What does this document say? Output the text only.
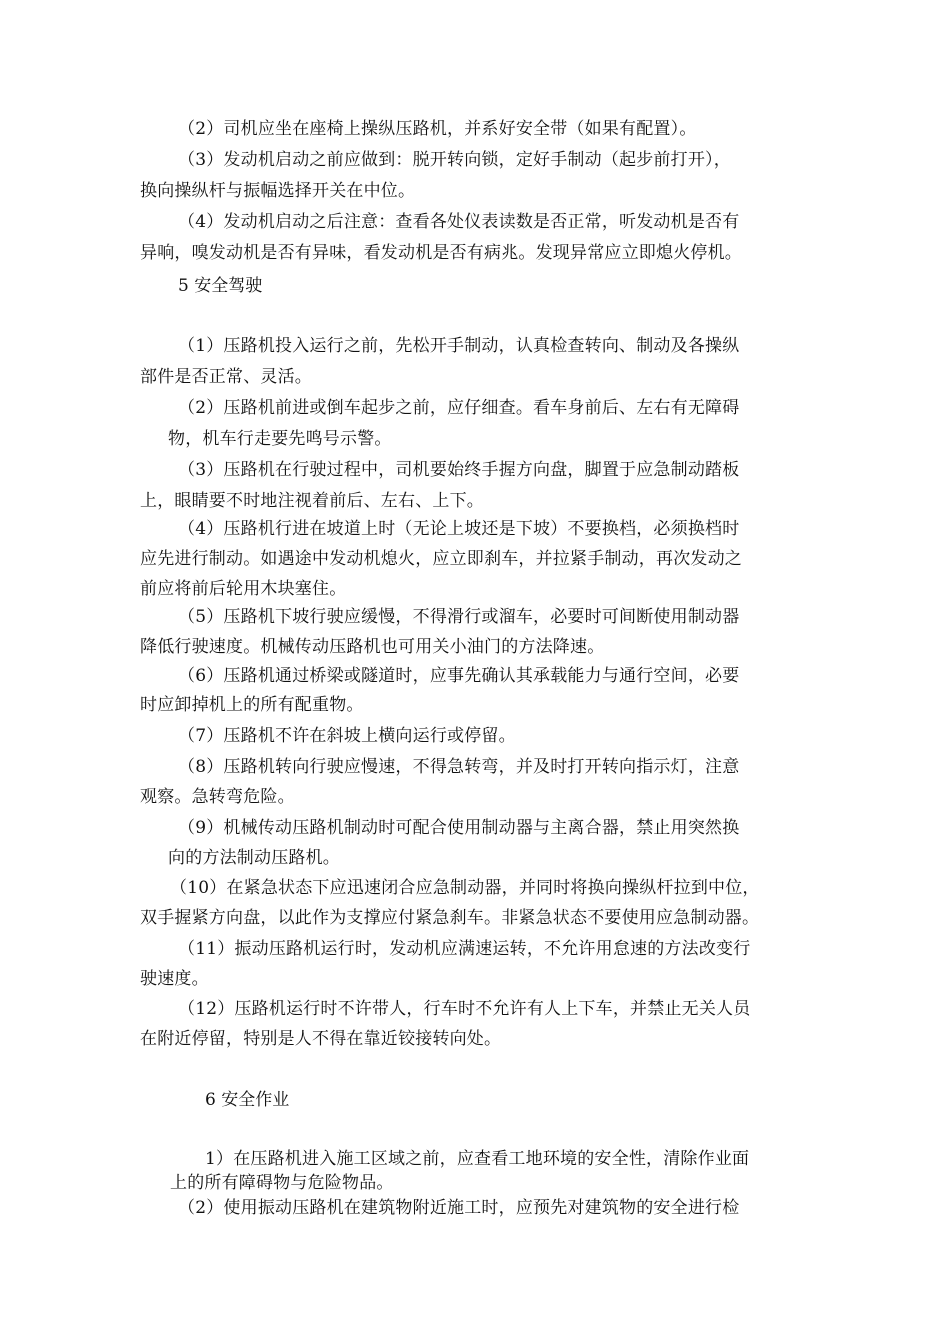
（2）司机应坐在座椅上操纵压路机，并系好安全带（如果有配置）。
（3）发动机启动之前应做到：脱开转向锁，定好手制动（起步前打开），
换向操纵杆与振幅选择开关在中位。
（4）发动机启动之后注意：查看各处仪表读数是否正常，听发动机是否有
异响，嗅发动机是否有异味，看发动机是否有病兆。发现异常应立即熄火停机。
5 安全驾驶
（1）压路机投入运行之前，先松开手制动，认真检查转向、制动及各操纵
部件是否正常、灵活。
（2）压路机前进或倒车起步之前，应仔细查。看车身前后、左右有无障碍
物，机车行走要先鸣号示警。
（3）压路机在行驶过程中，司机要始终手握方向盘，脚置于应急制动踏板
上，眼睛要不时地注视着前后、左右、上下。
（4）压路机行进在坡道上时（无论上坡还是下坡）不要换档，必须换档时
应先进行制动。如遇途中发动机熄火，应立即刹车，并拉紧手制动，再次发动之
前应将前后轮用木块塞住。
（5）压路机下坡行驶应缓慢，不得滑行或溜车，必要时可间断使用制动器
降低行驶速度。机械传动压路机也可用关小油门的方法降速。
（6）压路机通过桥梁或隧道时，应事先确认其承载能力与通行空间，必要
时应卸掉机上的所有配重物。
（7）压路机不许在斜坡上横向运行或停留。
（8）压路机转向行驶应慢速，不得急转弯，并及时打开转向指示灯，注意
观察。急转弯危险。
（9）机械传动压路机制动时可配合使用制动器与主离合器，禁止用突然换
向的方法制动压路机。
（10）在紧急状态下应迅速闭合应急制动器，并同时将换向操纵杆拉到中位，
双手握紧方向盘，以此作为支撑应付紧急刹车。非紧急状态不要使用应急制动器。
（11）振动压路机运行时，发动机应满速运转，不允许用怠速的方法改变行
驶速度。
（12）压路机运行时不许带人，行车时不允许有人上下车，并禁止无关人员
在附近停留，特别是人不得在靠近铰接转向处。
6 安全作业
1）在压路机进入施工区域之前，应查看工地环境的安全性，清除作业面
上的所有障碍物与危险物品。
（2）使用振动压路机在建筑物附近施工时，应预先对建筑物的安全进行检
